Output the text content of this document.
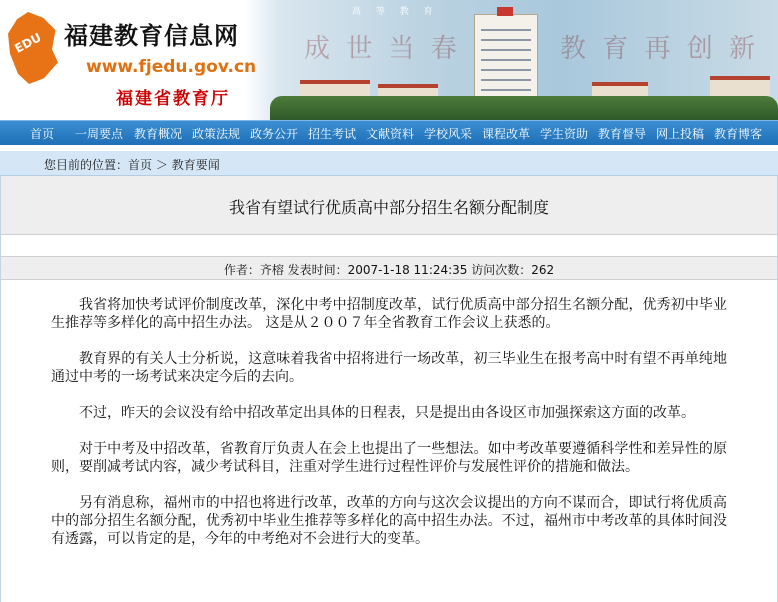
EDU 福建教育信息网
www.fjedu.gov.cn
福建省教育厅
高 等 教 育
成 世 当 春	教 育 再 创 新
首页 一周要点 教育概况 政策法规 政务公开 招生考试 文献资料 学校风采 课程改革 学生资助 教育督导 网上投稿 教育博客
您目前的位置：首页 ＞ 教育要闻
我省有望试行优质高中部分招生名额分配制度
作者：齐榕 发表时间：2007-1-18 11:24:35 访问次数：262

我省将加快考试评价制度改革，深化中考中招制度改革，试行优质高中部分招生名额分配，优秀初中毕业生推荐等多样化的高中招生办法。 这是从２００７年全省教育工作会议上获悉的。

教育界的有关人士分析说，这意味着我省中招将进行一场改革，初三毕业生在报考高中时有望不再单纯地通过中考的一场考试来决定今后的去向。

不过，昨天的会议没有给中招改革定出具体的日程表，只是提出由各设区市加强探索这方面的改革。

对于中考及中招改革，省教育厅负责人在会上也提出了一些想法。如中考改革要遵循科学性和差异性的原则，要削减考试内容，减少考试科目，注重对学生进行过程性评价与发展性评价的措施和做法。

另有消息称，福州市的中招也将进行改革，改革的方向与这次会议提出的方向不谋而合，即试行将优质高中的部分招生名额分配，优秀初中毕业生推荐等多样化的高中招生办法。不过，福州市中考改革的具体时间没有透露，可以肯定的是，今年的中考绝对不会进行大的变革。
